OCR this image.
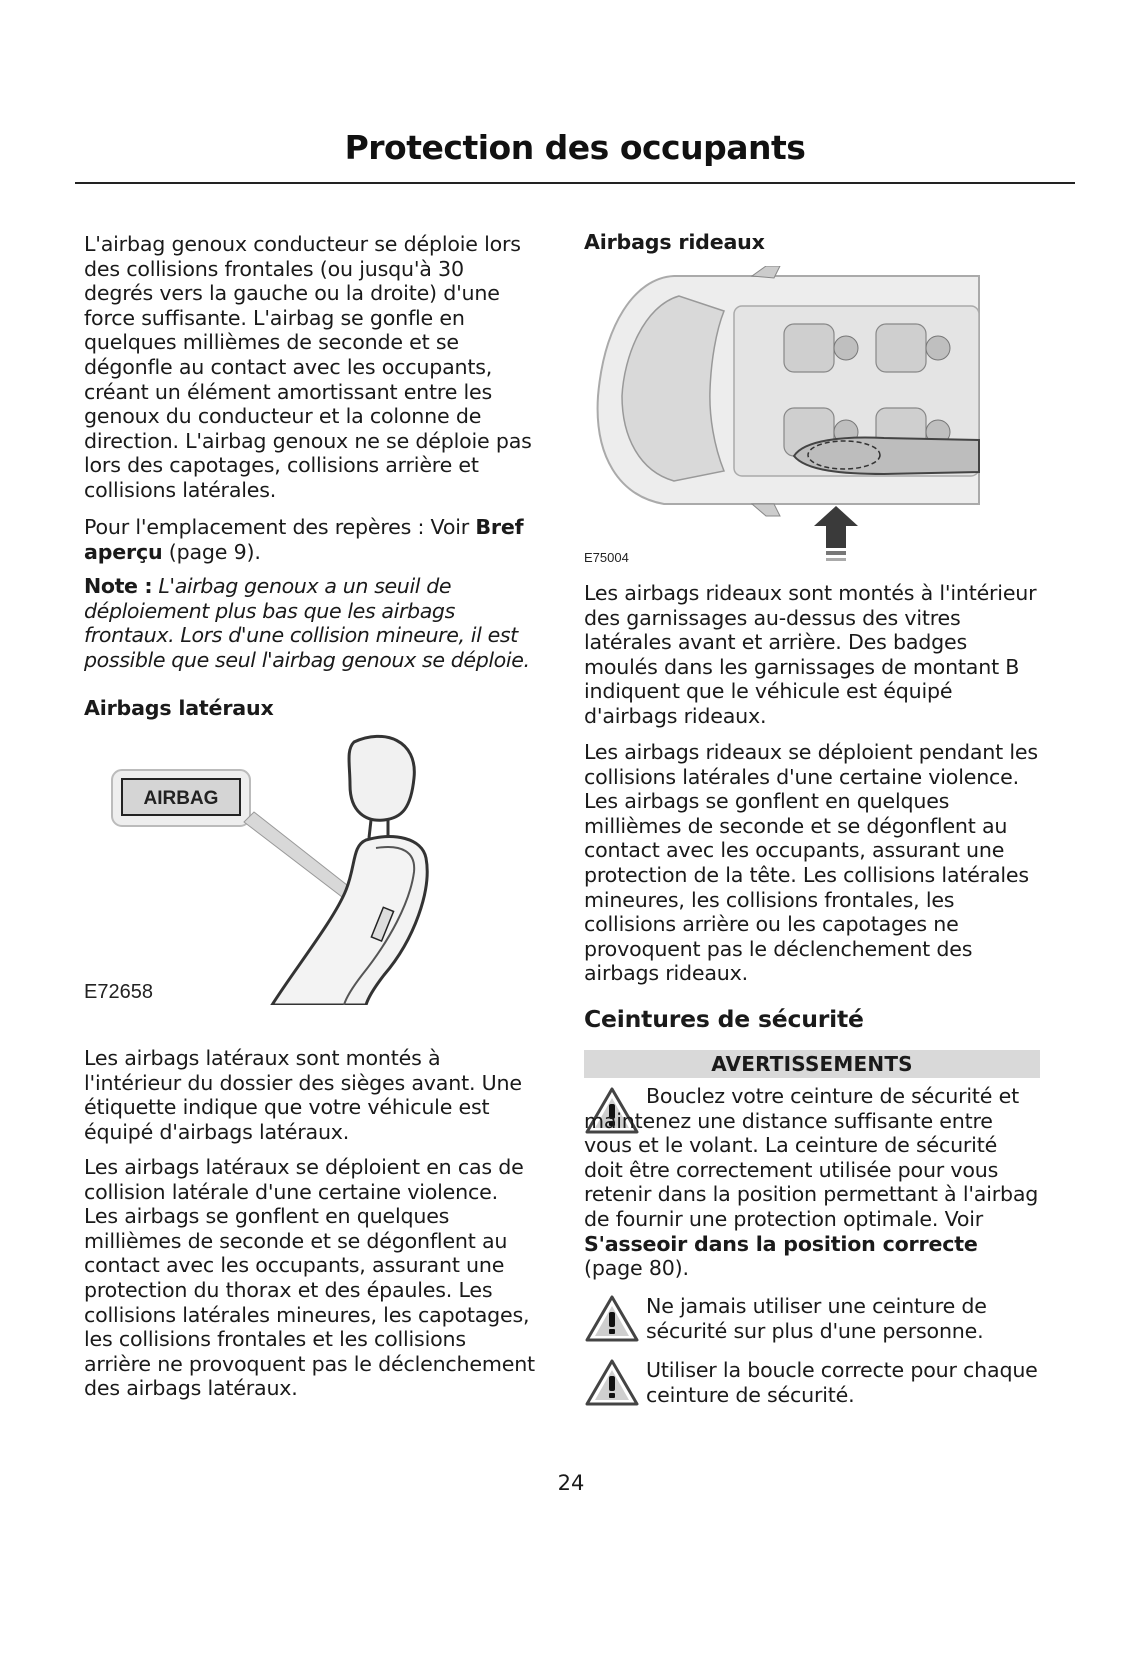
Protection des occupants

L'airbag genoux conducteur se déploie lors des collisions frontales (ou jusqu'à 30 degrés vers la gauche ou la droite) d'une force suffisante. L'airbag se gonfle en quelques millièmes de seconde et se dégonfle au contact avec les occupants, créant un élément amortissant entre les genoux du conducteur et la colonne de direction. L'airbag genoux ne se déploie pas lors des capotages, collisions arrière et collisions latérales.

Pour l'emplacement des repères : Voir Bref aperçu (page 9).

Note : L'airbag genoux a un seuil de déploiement plus bas que les airbags frontaux. Lors d'une collision mineure, il est possible que seul l'airbag genoux se déploie.

Airbags latéraux
AIRBAG
E72658

Les airbags latéraux sont montés à l'intérieur du dossier des sièges avant. Une étiquette indique que votre véhicule est équipé d'airbags latéraux.

Les airbags latéraux se déploient en cas de collision latérale d'une certaine violence. Les airbags se gonflent en quelques millièmes de seconde et se dégonflent au contact avec les occupants, assurant une protection du thorax et des épaules. Les collisions latérales mineures, les capotages, les collisions frontales et les collisions arrière ne provoquent pas le déclenchement des airbags latéraux.

Airbags rideaux
E75004

Les airbags rideaux sont montés à l'intérieur des garnissages au-dessus des vitres latérales avant et arrière. Des badges moulés dans les garnissages de montant B indiquent que le véhicule est équipé d'airbags rideaux.

Les airbags rideaux se déploient pendant les collisions latérales d'une certaine violence. Les airbags se gonflent en quelques millièmes de seconde et se dégonflent au contact avec les occupants, assurant une protection de la tête. Les collisions latérales mineures, les collisions frontales, les collisions arrière ou les capotages ne provoquent pas le déclenchement des airbags rideaux.

Ceintures de sécurité
AVERTISSEMENTS

Bouclez votre ceinture de sécurité et maintenez une distance suffisante entre vous et le volant. La ceinture de sécurité doit être correctement utilisée pour vous retenir dans la position permettant à l'airbag de fournir une protection optimale. Voir S'asseoir dans la position correcte (page 80).

Ne jamais utiliser une ceinture de sécurité sur plus d'une personne.

Utiliser la boucle correcte pour chaque ceinture de sécurité.

24
